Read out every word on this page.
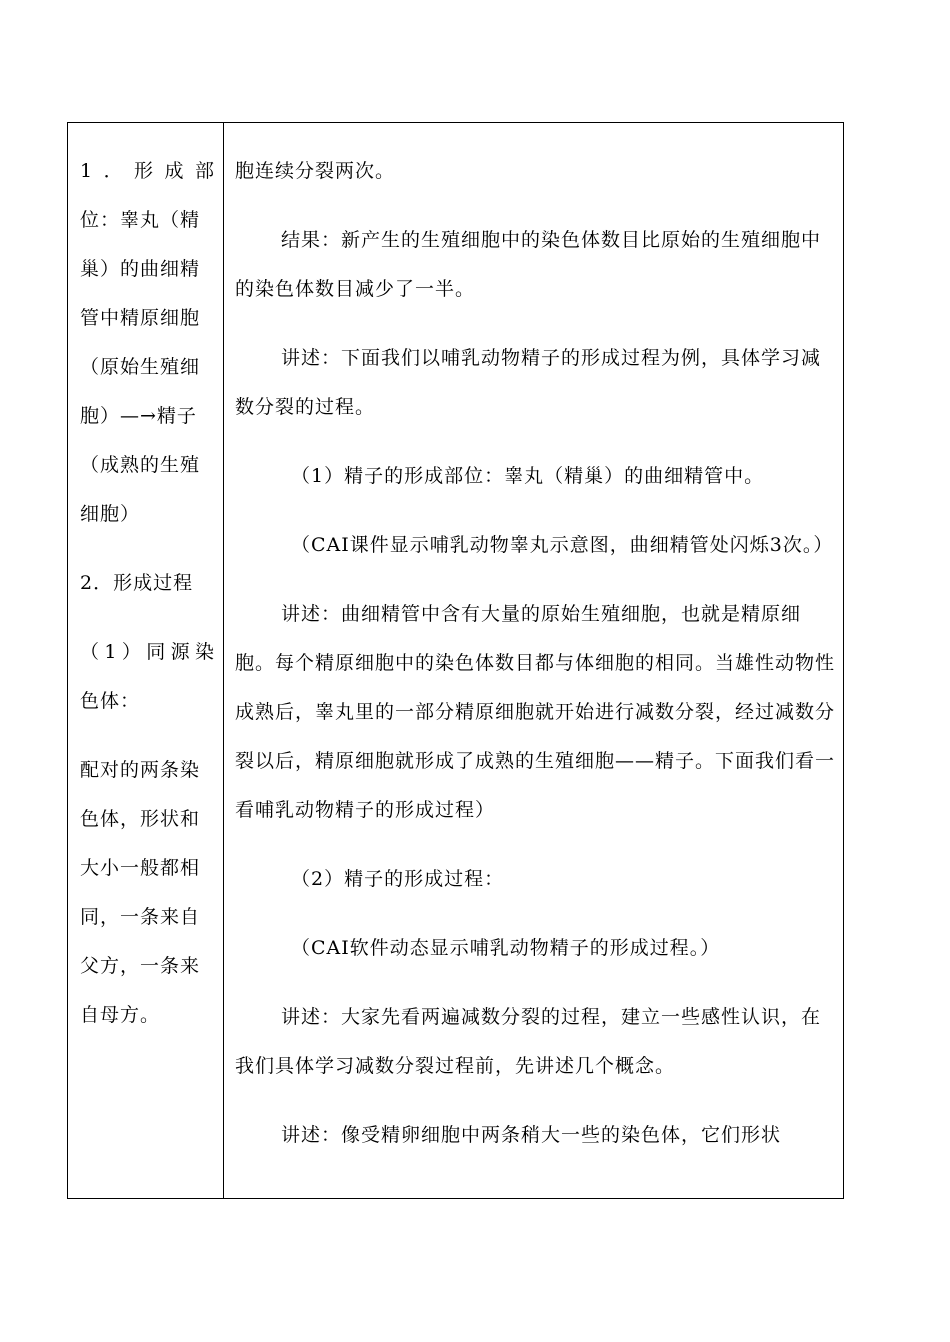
1．形成部

位：睾丸（精

巢）的曲细精

管中精原细胞

（原始生殖细

胞）—→精子

（成熟的生殖

细胞）

2．形成过程

（1）同源染

色体：

配对的两条染

色体，形状和

大小一般都相

同，一条来自

父方，一条来

自母方。

胞连续分裂两次。

结果：新产生的生殖细胞中的染色体数目比原始的生殖细胞中的染色体数目减少了一半。

讲述：下面我们以哺乳动物精子的形成过程为例，具体学习减数分裂的过程。

（1）精子的形成部位：睾丸（精巢）的曲细精管中。

（CAI课件显示哺乳动物睾丸示意图，曲细精管处闪烁3次。）

讲述：曲细精管中含有大量的原始生殖细胞，也就是精原细胞。每个精原细胞中的染色体数目都与体细胞的相同。当雄性动物性成熟后，睾丸里的一部分精原细胞就开始进行减数分裂，经过减数分裂以后，精原细胞就形成了成熟的生殖细胞——精子。下面我们看一看哺乳动物精子的形成过程）

（2）精子的形成过程：

（CAI软件动态显示哺乳动物精子的形成过程。）

讲述：大家先看两遍减数分裂的过程，建立一些感性认识，在我们具体学习减数分裂过程前，先讲述几个概念。

讲述：像受精卵细胞中两条稍大一些的染色体，它们形状
